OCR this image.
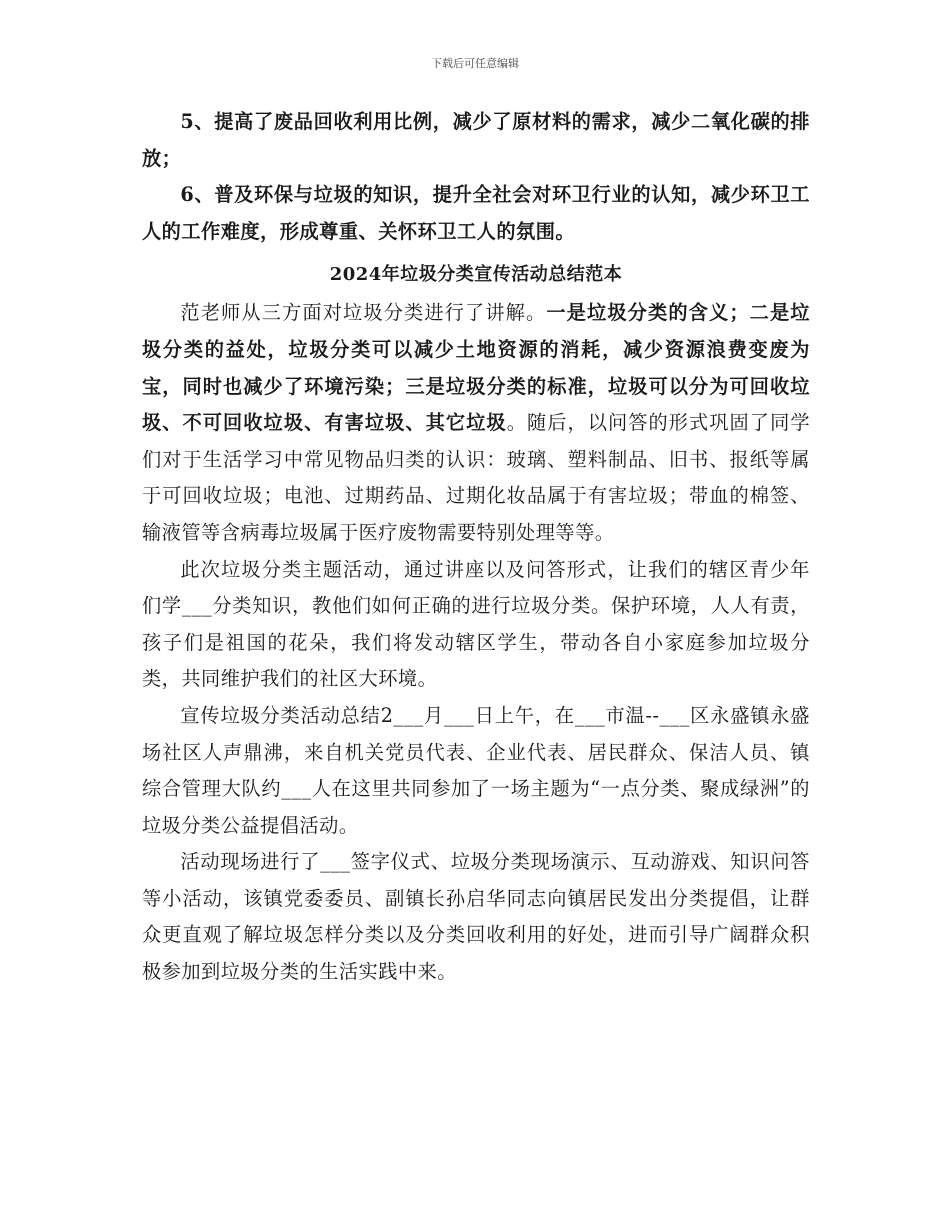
下载后可任意编辑

5、提高了废品回收利用比例，减少了原材料的需求，减少二氧化碳的排放；

6、普及环保与垃圾的知识，提升全社会对环卫行业的认知，减少环卫工人的工作难度，形成尊重、关怀环卫工人的氛围。

2024年垃圾分类宣传活动总结范本

范老师从三方面对垃圾分类进行了讲解。一是垃圾分类的含义；二是垃圾分类的益处，垃圾分类可以减少土地资源的消耗，减少资源浪费变废为宝，同时也减少了环境污染；三是垃圾分类的标准，垃圾可以分为可回收垃圾、不可回收垃圾、有害垃圾、其它垃圾。随后，以问答的形式巩固了同学们对于生活学习中常见物品归类的认识：玻璃、塑料制品、旧书、报纸等属于可回收垃圾；电池、过期药品、过期化妆品属于有害垃圾；带血的棉签、输液管等含病毒垃圾属于医疗废物需要特别处理等等。

此次垃圾分类主题活动，通过讲座以及问答形式，让我们的辖区青少年们学___分类知识，教他们如何正确的进行垃圾分类。保护环境，人人有责，孩子们是祖国的花朵，我们将发动辖区学生，带动各自小家庭参加垃圾分类，共同维护我们的社区大环境。

宣传垃圾分类活动总结2___月___日上午，在___市温--___区永盛镇永盛场社区人声鼎沸，来自机关党员代表、企业代表、居民群众、保洁人员、镇综合管理大队约___人在这里共同参加了一场主题为“一点分类、聚成绿洲”的垃圾分类公益提倡活动。

活动现场进行了___签字仪式、垃圾分类现场演示、互动游戏、知识问答等小活动，该镇党委委员、副镇长孙启华同志向镇居民发出分类提倡，让群众更直观了解垃圾怎样分类以及分类回收利用的好处，进而引导广阔群众积极参加到垃圾分类的生活实践中来。
